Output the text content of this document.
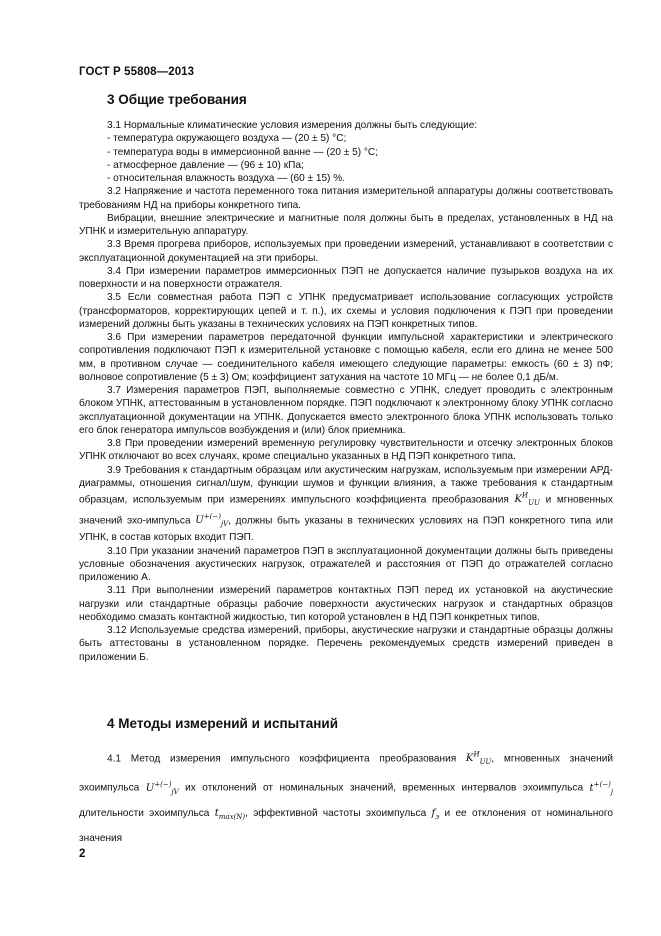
ГОСТ Р 55808—2013
3 Общие требования

3.1 Нормальные климатические условия измерения должны быть следующие:

- температура окружающего воздуха — (20 ± 5) °С;

- температура воды в иммерсионной ванне — (20 ± 5) °С;

- атмосферное давление — (96 ± 10) кПа;

- относительная влажность воздуха — (60 ± 15) %.

3.2 Напряжение и частота переменного тока питания измерительной аппаратуры должны соответствовать требованиям НД на приборы конкретного типа.

Вибрации, внешние электрические и магнитные поля должны быть в пределах, установленных в НД на УПНК и измерительную аппаратуру.

3.3 Время прогрева приборов, используемых при проведении измерений, устанавливают в соответствии с эксплуатационной документацией на эти приборы.

3.4 При измерении параметров иммерсионных ПЭП не допускается наличие пузырьков воздуха на их поверхности и на поверхности отражателя.

3.5 Если совместная работа ПЭП с УПНК предусматривает использование согласующих устройств (трансформаторов, корректирующих цепей и т. п.), их схемы и условия подключения к ПЭП при проведении измерений должны быть указаны в технических условиях на ПЭП конкретных типов.

3.6 При измерении параметров передаточной функции импульсной характеристики и электрического сопротивления подключают ПЭП к измерительной установке с помощью кабеля, если его длина не менее 500 мм, в противном случае — соединительного кабеля имеющего следующие параметры: емкость (60 ± 3) пФ; волновое сопротивление (5 ± 3) Ом; коэффициент затухания на частоте 10 МГц — не более 0,1 дБ/м.

3.7 Измерения параметров ПЭП, выполняемые совместно с УПНК, следует проводить с электронным блоком УПНК, аттестованным в установленном порядке. ПЭП подключают к электронному блоку УПНК согласно эксплуатационной документации на УПНК. Допускается вместо электронного блока УПНК использовать только его блок генератора импульсов возбуждения и (или) блок приемника.

3.8 При проведении измерений временную регулировку чувствительности и отсечку электронных блоков УПНК отключают во всех случаях, кроме специально указанных в НД ПЭП конкретного типа.

3.9 Требования к стандартным образцам или акустическим нагрузкам, используемым при измерении АРД-диаграммы, отношения сигнал/шум, функции шумов и функции влияния, а также требования к стандартным образцам, используемым при измерениях импульсного коэффициента преобразования $K^И_{UU}$ и мгновенных значений эхо-импульса $U^{+(-)}_{jV}$, должны быть указаны в технических условиях на ПЭП конкретного типа или УПНК, в состав которых входит ПЭП.

3.10 При указании значений параметров ПЭП в эксплуатационной документации должны быть приведены условные обозначения акустических нагрузок, отражателей и расстояния от ПЭП до отражателей согласно приложению А.

3.11 При выполнении измерений параметров контактных ПЭП перед их установкой на акустические нагрузки или стандартные образцы рабочие поверхности акустических нагрузок и стандартных образцов необходимо смазать контактной жидкостью, тип которой установлен в НД ПЭП конкретных типов.

3.12 Используемые средства измерений, приборы, акустические нагрузки и стандартные образцы должны быть аттестованы в установленном порядке. Перечень рекомендуемых средств измерений приведен в приложении Б.

4 Методы измерений и испытаний

4.1 Метод измерения импульсного коэффициента преобразования $K^И_{UU}$, мгновенных значений эхоимпульса $U^{+(-)}_{jV}$ их отклонений от номинальных значений, временных интервалов эхоимпульса $t^{+(-)}_j$ длительности эхоимпульса $t_{max(N)}$, эффективной частоты эхоимпульса $f_э$ и ее отклонения от номинального значения

2
